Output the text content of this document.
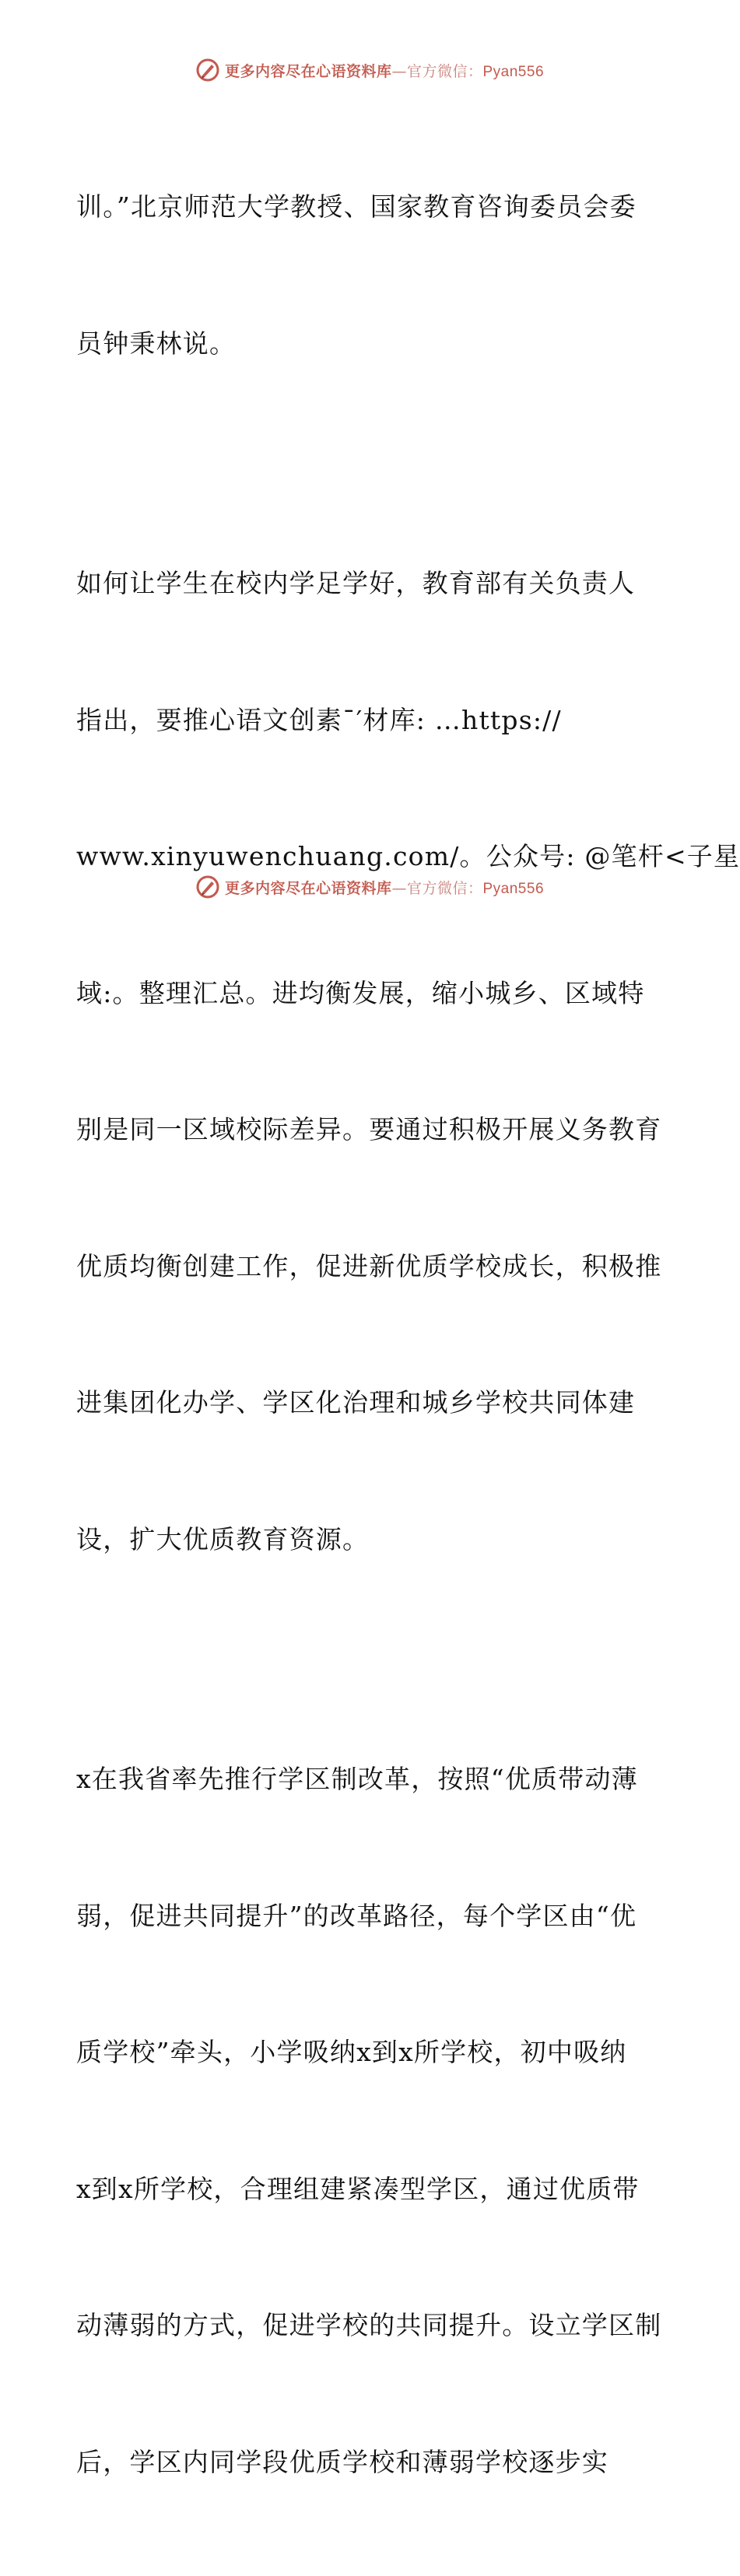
更多内容尽在心语资料库—官方微信：Pyan556

训。”北京师范大学教授、国家教育咨询委员会委

员钟秉林说。

如何让学生在校内学足学好，教育部有关负责人

指出，要推心语文创素¯′材库: …https://

www.xinyuwenchuang.com/。公众号: @笔杆<子星

域:。整理汇总。进均衡发展，缩小城乡、区域特

别是同一区域校际差异。要通过积极开展义务教育

优质均衡创建工作，促进新优质学校成长，积极推

进集团化办学、学区化治理和城乡学校共同体建

设，扩大优质教育资源。

x在我省率先推行学区制改革，按照“优质带动薄

弱，促进共同提升”的改革路径，每个学区由“优

质学校”牵头，小学吸纳x到x所学校，初中吸纳

x到x所学校，合理组建紧凑型学区，通过优质带

动薄弱的方式，促进学校的共同提升。设立学区制

后，学区内同学段优质学校和薄弱学校逐步实

更多内容尽在心语资料库—官方微信：Pyan556
